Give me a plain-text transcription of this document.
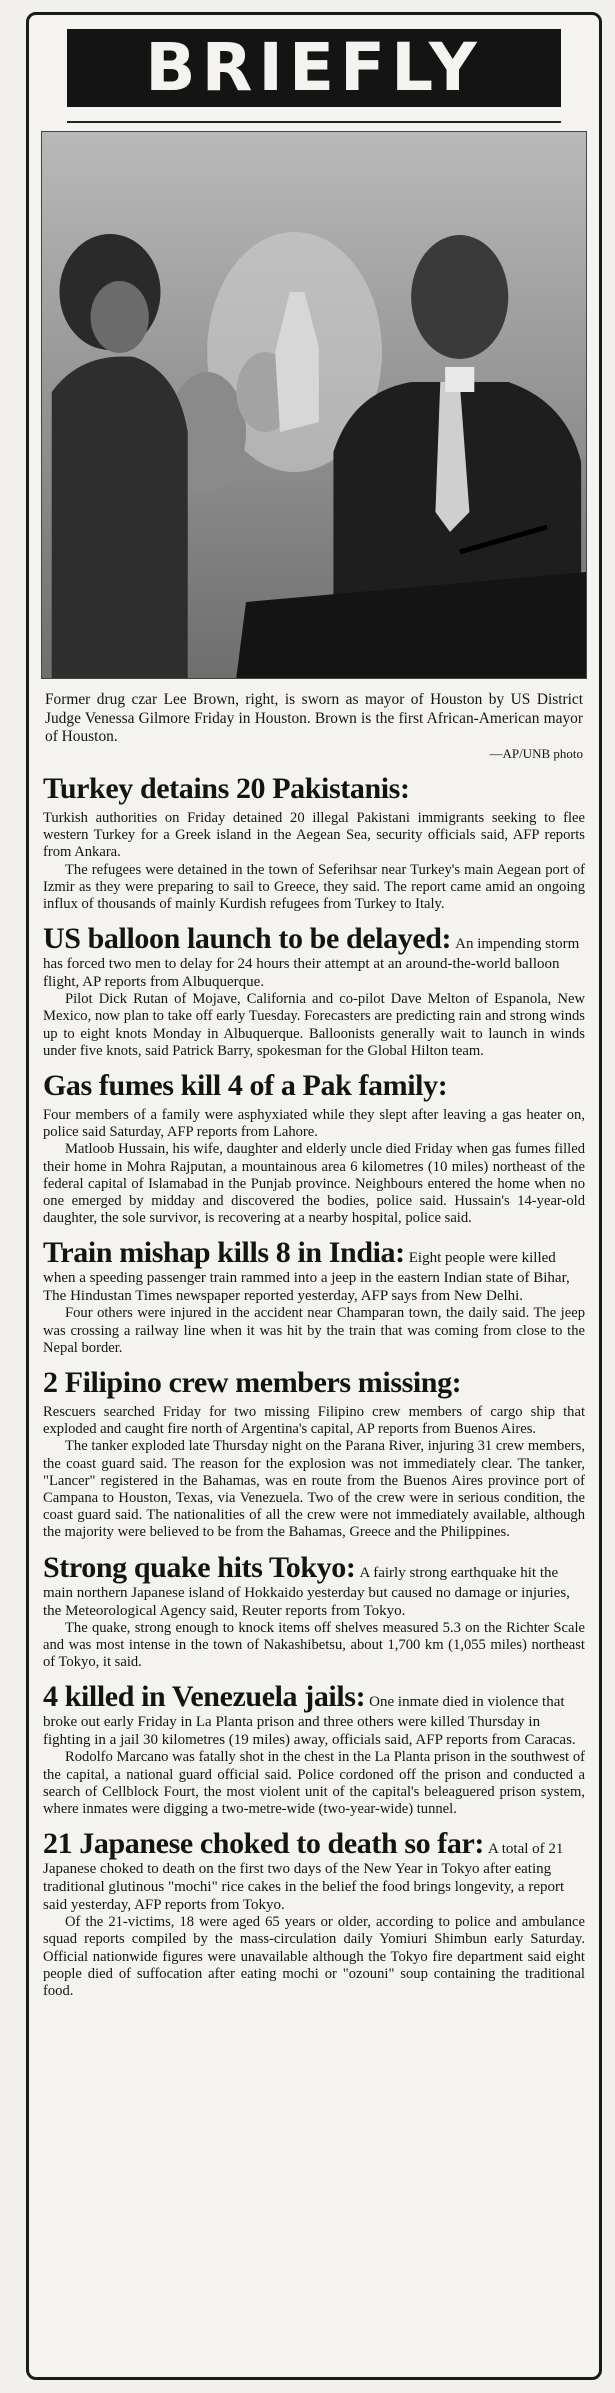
BRIEFLY
Former drug czar Lee Brown, right, is sworn as mayor of Houston by US District Judge Venessa Gilmore Friday in Houston. Brown is the first African-American mayor of Houston.
—AP/UNB photo
Turkey detains 20 Pakistanis:

Turkish authorities on Friday detained 20 illegal Pakistani immigrants seeking to flee western Turkey for a Greek island in the Aegean Sea, security officials said, AFP reports from Ankara.

The refugees were detained in the town of Seferihsar near Turkey's main Aegean port of Izmir as they were preparing to sail to Greece, they said. The report came amid an ongoing influx of thousands of mainly Kurdish refugees from Turkey to Italy.

US balloon launch to be delayed: An impending storm has forced two men to delay for 24 hours their attempt at an around-the-world balloon flight, AP reports from Albuquerque.

Pilot Dick Rutan of Mojave, California and co-pilot Dave Melton of Espanola, New Mexico, now plan to take off early Tuesday. Forecasters are predicting rain and strong winds up to eight knots Monday in Albuquerque. Balloonists generally wait to launch in winds under five knots, said Patrick Barry, spokesman for the Global Hilton team.

Gas fumes kill 4 of a Pak family:

Four members of a family were asphyxiated while they slept after leaving a gas heater on, police said Saturday, AFP reports from Lahore.

Matloob Hussain, his wife, daughter and elderly uncle died Friday when gas fumes filled their home in Mohra Rajputan, a mountainous area 6 kilometres (10 miles) northeast of the federal capital of Islamabad in the Punjab province. Neighbours entered the home when no one emerged by midday and discovered the bodies, police said. Hussain's 14-year-old daughter, the sole survivor, is recovering at a nearby hospital, police said.

Train mishap kills 8 in India: Eight people were killed when a speeding passenger train rammed into a jeep in the eastern Indian state of Bihar, The Hindustan Times newspaper reported yesterday, AFP says from New Delhi.

Four others were injured in the accident near Champaran town, the daily said. The jeep was crossing a railway line when it was hit by the train that was coming from close to the Nepal border.

2 Filipino crew members missing:

Rescuers searched Friday for two missing Filipino crew members of cargo ship that exploded and caught fire north of Argentina's capital, AP reports from Buenos Aires.

The tanker exploded late Thursday night on the Parana River, injuring 31 crew members, the coast guard said. The reason for the explosion was not immediately clear. The tanker, "Lancer" registered in the Bahamas, was en route from the Buenos Aires province port of Campana to Houston, Texas, via Venezuela. Two of the crew were in serious condition, the coast guard said. The nationalities of all the crew were not immediately available, although the majority were believed to be from the Bahamas, Greece and the Philippines.

Strong quake hits Tokyo: A fairly strong earthquake hit the main northern Japanese island of Hokkaido yesterday but caused no damage or injuries, the Meteorological Agency said, Reuter reports from Tokyo.

The quake, strong enough to knock items off shelves measured 5.3 on the Richter Scale and was most intense in the town of Nakashibetsu, about 1,700 km (1,055 miles) northeast of Tokyo, it said.

4 killed in Venezuela jails: One inmate died in violence that broke out early Friday in La Planta prison and three others were killed Thursday in fighting in a jail 30 kilometres (19 miles) away, officials said, AFP reports from Caracas.

Rodolfo Marcano was fatally shot in the chest in the La Planta prison in the southwest of the capital, a national guard official said. Police cordoned off the prison and conducted a search of Cellblock Fourt, the most violent unit of the capital's beleaguered prison system, where inmates were digging a two-metre-wide (two-year-wide) tunnel.

21 Japanese choked to death so far: A total of 21 Japanese choked to death on the first two days of the New Year in Tokyo after eating traditional glutinous "mochi" rice cakes in the belief the food brings longevity, a report said yesterday, AFP reports from Tokyo.

Of the 21-victims, 18 were aged 65 years or older, according to police and ambulance squad reports compiled by the mass-circulation daily Yomiuri Shimbun early Saturday. Official nationwide figures were unavailable although the Tokyo fire department said eight people died of suffocation after eating mochi or "ozouni" soup containing the traditional food.
